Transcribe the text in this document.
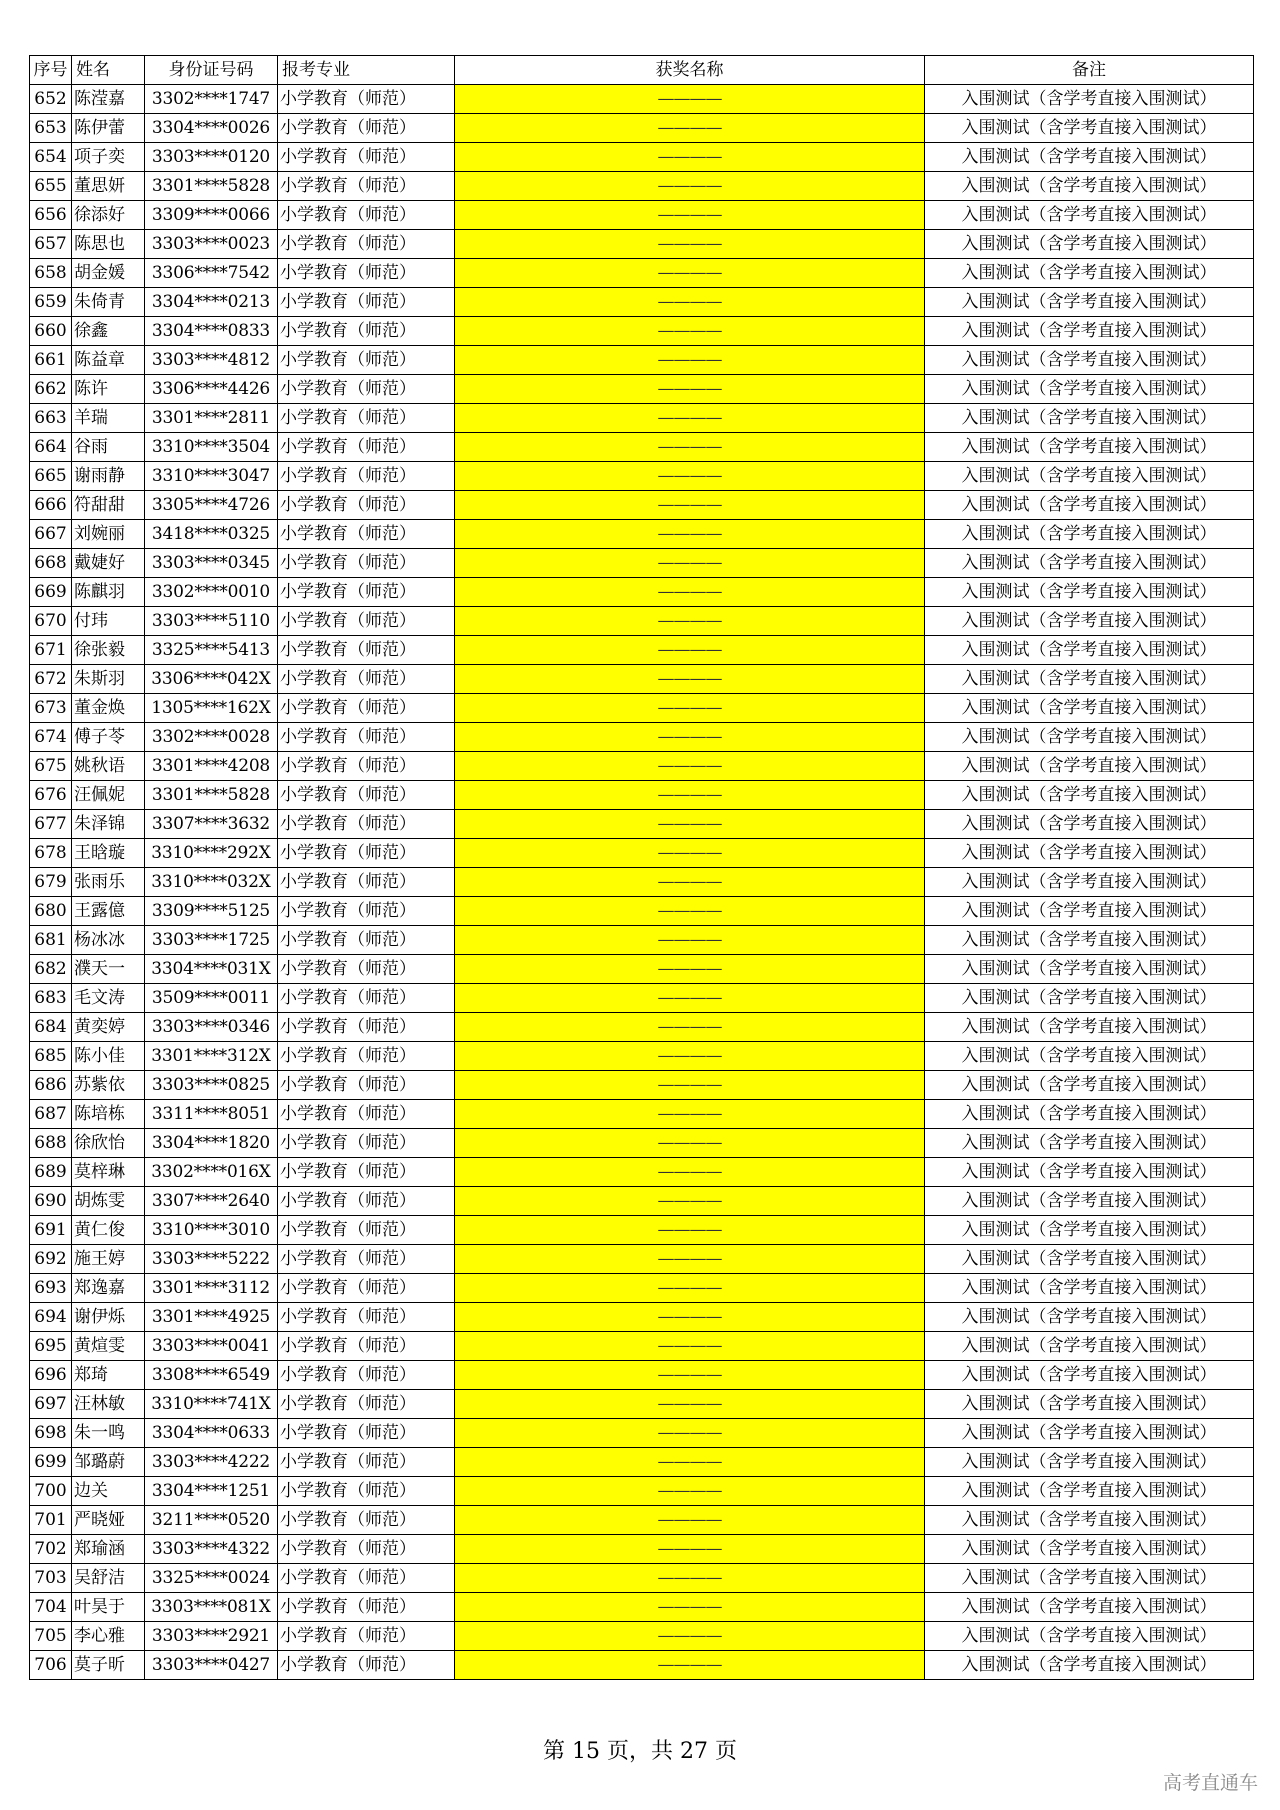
序号	姓名	身份证号码	报考专业	获奖名称	备注
652	陈滢嘉	3302****1747	小学教育（师范）	————	入围测试（含学考直接入围测试）
653	陈伊蕾	3304****0026	小学教育（师范）	————	入围测试（含学考直接入围测试）
654	项子奕	3303****0120	小学教育（师范）	————	入围测试（含学考直接入围测试）
655	董思妍	3301****5828	小学教育（师范）	————	入围测试（含学考直接入围测试）
656	徐添好	3309****0066	小学教育（师范）	————	入围测试（含学考直接入围测试）
657	陈思也	3303****0023	小学教育（师范）	————	入围测试（含学考直接入围测试）
658	胡金媛	3306****7542	小学教育（师范）	————	入围测试（含学考直接入围测试）
659	朱倚青	3304****0213	小学教育（师范）	————	入围测试（含学考直接入围测试）
660	徐鑫	3304****0833	小学教育（师范）	————	入围测试（含学考直接入围测试）
661	陈益章	3303****4812	小学教育（师范）	————	入围测试（含学考直接入围测试）
662	陈许	3306****4426	小学教育（师范）	————	入围测试（含学考直接入围测试）
663	羊瑞	3301****2811	小学教育（师范）	————	入围测试（含学考直接入围测试）
664	谷雨	3310****3504	小学教育（师范）	————	入围测试（含学考直接入围测试）
665	谢雨静	3310****3047	小学教育（师范）	————	入围测试（含学考直接入围测试）
666	符甜甜	3305****4726	小学教育（师范）	————	入围测试（含学考直接入围测试）
667	刘婉丽	3418****0325	小学教育（师范）	————	入围测试（含学考直接入围测试）
668	戴婕好	3303****0345	小学教育（师范）	————	入围测试（含学考直接入围测试）
669	陈麒羽	3302****0010	小学教育（师范）	————	入围测试（含学考直接入围测试）
670	付玮	3303****5110	小学教育（师范）	————	入围测试（含学考直接入围测试）
671	徐张毅	3325****5413	小学教育（师范）	————	入围测试（含学考直接入围测试）
672	朱斯羽	3306****042X	小学教育（师范）	————	入围测试（含学考直接入围测试）
673	董金焕	1305****162X	小学教育（师范）	————	入围测试（含学考直接入围测试）
674	傅子苓	3302****0028	小学教育（师范）	————	入围测试（含学考直接入围测试）
675	姚秋语	3301****4208	小学教育（师范）	————	入围测试（含学考直接入围测试）
676	汪佩妮	3301****5828	小学教育（师范）	————	入围测试（含学考直接入围测试）
677	朱泽锦	3307****3632	小学教育（师范）	————	入围测试（含学考直接入围测试）
678	王晗璇	3310****292X	小学教育（师范）	————	入围测试（含学考直接入围测试）
679	张雨乐	3310****032X	小学教育（师范）	————	入围测试（含学考直接入围测试）
680	王露億	3309****5125	小学教育（师范）	————	入围测试（含学考直接入围测试）
681	杨冰冰	3303****1725	小学教育（师范）	————	入围测试（含学考直接入围测试）
682	濮天一	3304****031X	小学教育（师范）	————	入围测试（含学考直接入围测试）
683	毛文涛	3509****0011	小学教育（师范）	————	入围测试（含学考直接入围测试）
684	黄奕婷	3303****0346	小学教育（师范）	————	入围测试（含学考直接入围测试）
685	陈小佳	3301****312X	小学教育（师范）	————	入围测试（含学考直接入围测试）
686	苏紫依	3303****0825	小学教育（师范）	————	入围测试（含学考直接入围测试）
687	陈培栋	3311****8051	小学教育（师范）	————	入围测试（含学考直接入围测试）
688	徐欣怡	3304****1820	小学教育（师范）	————	入围测试（含学考直接入围测试）
689	莫梓琳	3302****016X	小学教育（师范）	————	入围测试（含学考直接入围测试）
690	胡炼雯	3307****2640	小学教育（师范）	————	入围测试（含学考直接入围测试）
691	黄仁俊	3310****3010	小学教育（师范）	————	入围测试（含学考直接入围测试）
692	施王婷	3303****5222	小学教育（师范）	————	入围测试（含学考直接入围测试）
693	郑逸嘉	3301****3112	小学教育（师范）	————	入围测试（含学考直接入围测试）
694	谢伊烁	3301****4925	小学教育（师范）	————	入围测试（含学考直接入围测试）
695	黄煊雯	3303****0041	小学教育（师范）	————	入围测试（含学考直接入围测试）
696	郑琦	3308****6549	小学教育（师范）	————	入围测试（含学考直接入围测试）
697	汪林敏	3310****741X	小学教育（师范）	————	入围测试（含学考直接入围测试）
698	朱一鸣	3304****0633	小学教育（师范）	————	入围测试（含学考直接入围测试）
699	邹璐蔚	3303****4222	小学教育（师范）	————	入围测试（含学考直接入围测试）
700	边关	3304****1251	小学教育（师范）	————	入围测试（含学考直接入围测试）
701	严晓娅	3211****0520	小学教育（师范）	————	入围测试（含学考直接入围测试）
702	郑瑜涵	3303****4322	小学教育（师范）	————	入围测试（含学考直接入围测试）
703	吴舒洁	3325****0024	小学教育（师范）	————	入围测试（含学考直接入围测试）
704	叶昊于	3303****081X	小学教育（师范）	————	入围测试（含学考直接入围测试）
705	李心雅	3303****2921	小学教育（师范）	————	入围测试（含学考直接入围测试）
706	莫子昕	3303****0427	小学教育（师范）	————	入围测试（含学考直接入围测试）
第 15 页，共 27 页
高考直通车
